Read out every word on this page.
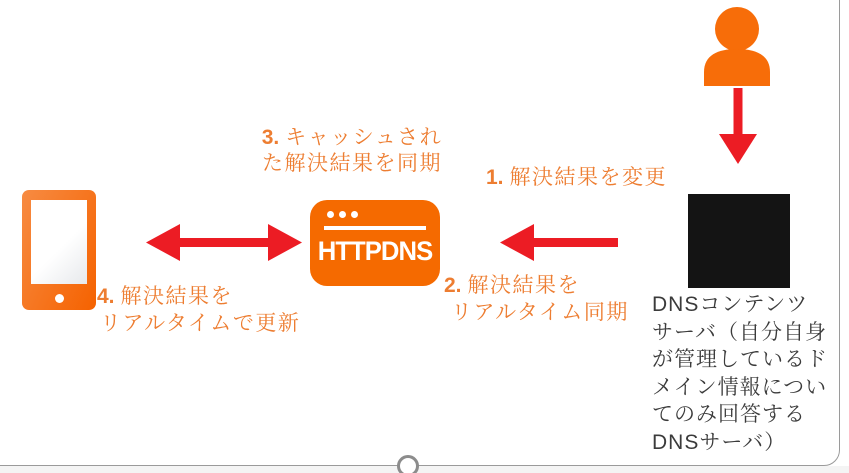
1. 解決結果を変更
HTTPDNS
3. キャッシュされ
た解決結果を同期
2. 解決結果を
リアルタイム同期
4. 解決結果を
リアルタイムで更新
DNSコンテンツ
サーバ（自分自身
が管理しているド
メイン情報につい
てのみ回答する
DNSサーバ）
